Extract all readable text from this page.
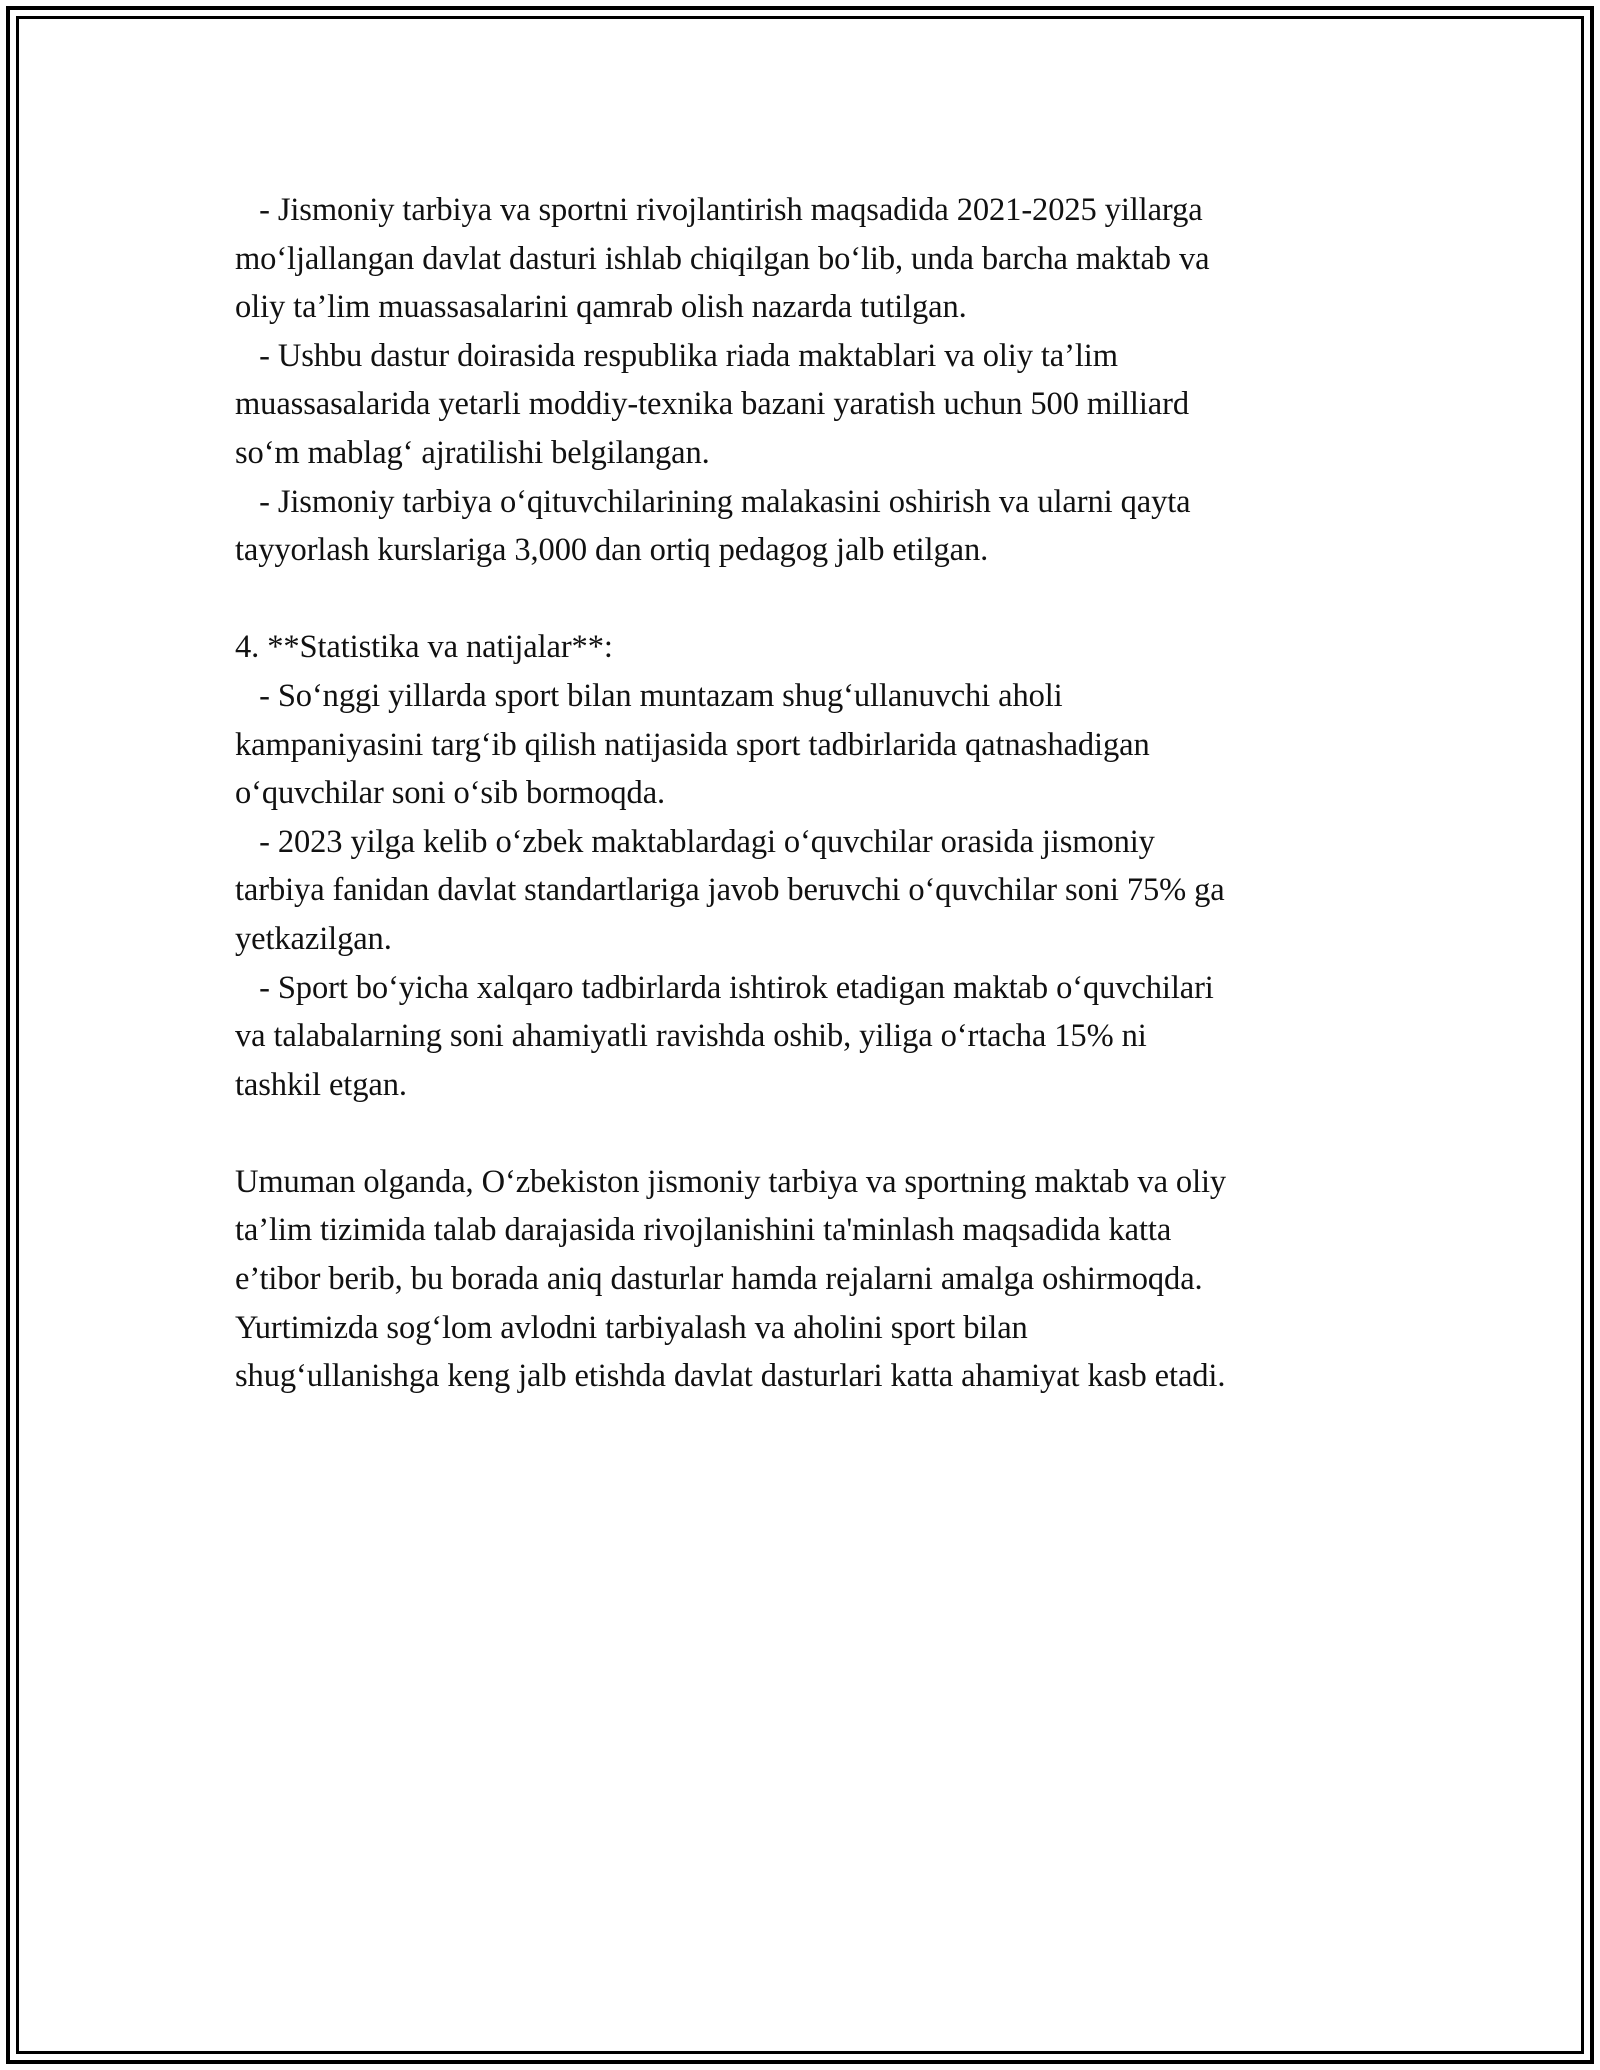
- Jismoniy tarbiya va sportni rivojlantirish maqsadida 2021-2025 yillarga
mo‘ljallangan davlat dasturi ishlab chiqilgan bo‘lib, unda barcha maktab va
oliy ta’lim muassasalarini qamrab olish nazarda tutilgan.
- Ushbu dastur doirasida respublika riada maktablari va oliy ta’lim
muassasalarida yetarli moddiy-texnika bazani yaratish uchun 500 milliard
so‘m mablag‘ ajratilishi belgilangan.
- Jismoniy tarbiya o‘qituvchilarining malakasini oshirish va ularni qayta
tayyorlash kurslariga 3,000 dan ortiq pedagog jalb etilgan.
4. **Statistika va natijalar**:
- So‘nggi yillarda sport bilan muntazam shug‘ullanuvchi aholi
kampaniyasini targ‘ib qilish natijasida sport tadbirlarida qatnashadigan
o‘quvchilar soni o‘sib bormoqda.
- 2023 yilga kelib o‘zbek maktablardagi o‘quvchilar orasida jismoniy
tarbiya fanidan davlat standartlariga javob beruvchi o‘quvchilar soni 75% ga
yetkazilgan.
- Sport bo‘yicha xalqaro tadbirlarda ishtirok etadigan maktab o‘quvchilari
va talabalarning soni ahamiyatli ravishda oshib, yiliga o‘rtacha 15% ni
tashkil etgan.
Umuman olganda, O‘zbekiston jismoniy tarbiya va sportning maktab va oliy
ta’lim tizimida talab darajasida rivojlanishini ta'minlash maqsadida katta
e’tibor berib, bu borada aniq dasturlar hamda rejalarni amalga oshirmoqda.
Yurtimizda sog‘lom avlodni tarbiyalash va aholini sport bilan
shug‘ullanishga keng jalb etishda davlat dasturlari katta ahamiyat kasb etadi.
